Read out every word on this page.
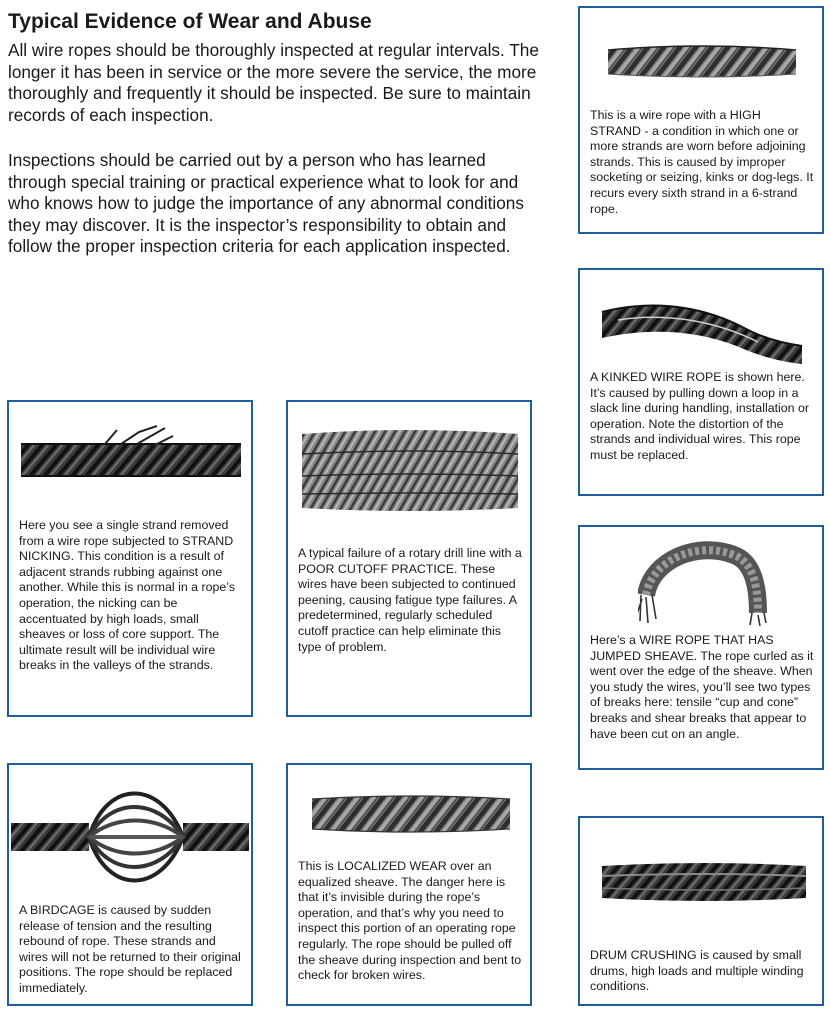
Typical Evidence of Wear and Abuse

All wire ropes should be thoroughly inspected at regular intervals. The longer it has been in service or the more severe the service, the more thoroughly and frequently it should be inspected. Be sure to maintain records of each inspection.

Inspections should be carried out by a person who has learned through special training or practical experience what to look for and who knows how to judge the importance of any abnormal conditions they may discover. It is the inspector’s responsibility to obtain and follow the proper inspection criteria for each application inspected.

This is a wire rope with a HIGH STRAND - a condition in which one or more strands are worn before adjoining strands. This is caused by improper socketing or seizing, kinks or dog-legs. It recurs every sixth strand in a 6-strand rope.

A KINKED WIRE ROPE is shown here. It’s caused by pulling down a loop in a slack line during handling, installation or operation. Note the distortion of the strands and individual wires. This rope must be replaced.

Here’s a WIRE ROPE THAT HAS JUMPED SHEAVE. The rope curled as it went over the edge of the sheave. When you study the wires, you’ll see two types of breaks here: tensile “cup and cone” breaks and shear breaks that appear to have been cut on an angle.

DRUM CRUSHING is caused by small drums, high loads and multiple winding conditions.

Here you see a single strand removed from a wire rope subjected to STRAND NICKING. This condition is a result of adjacent strands rubbing against one another. While this is normal in a rope’s operation, the nicking can be accentuated by high loads, small sheaves or loss of core support. The ultimate result will be individual wire breaks in the valleys of the strands.

A typical failure of a rotary drill line with a POOR CUTOFF PRACTICE. These wires have been subjected to continued peening, causing fatigue type failures. A predetermined, regularly scheduled cutoff practice can help eliminate this type of problem.

A BIRDCAGE is caused by sudden release of tension and the resulting rebound of rope. These strands and wires will not be returned to their original positions. The rope should be replaced immediately.

This is LOCALIZED WEAR over an equalized sheave. The danger here is that it’s invisible during the rope’s operation, and that’s why you need to inspect this portion of an operating rope regularly. The rope should be pulled off the sheave during inspection and bent to check for broken wires.
